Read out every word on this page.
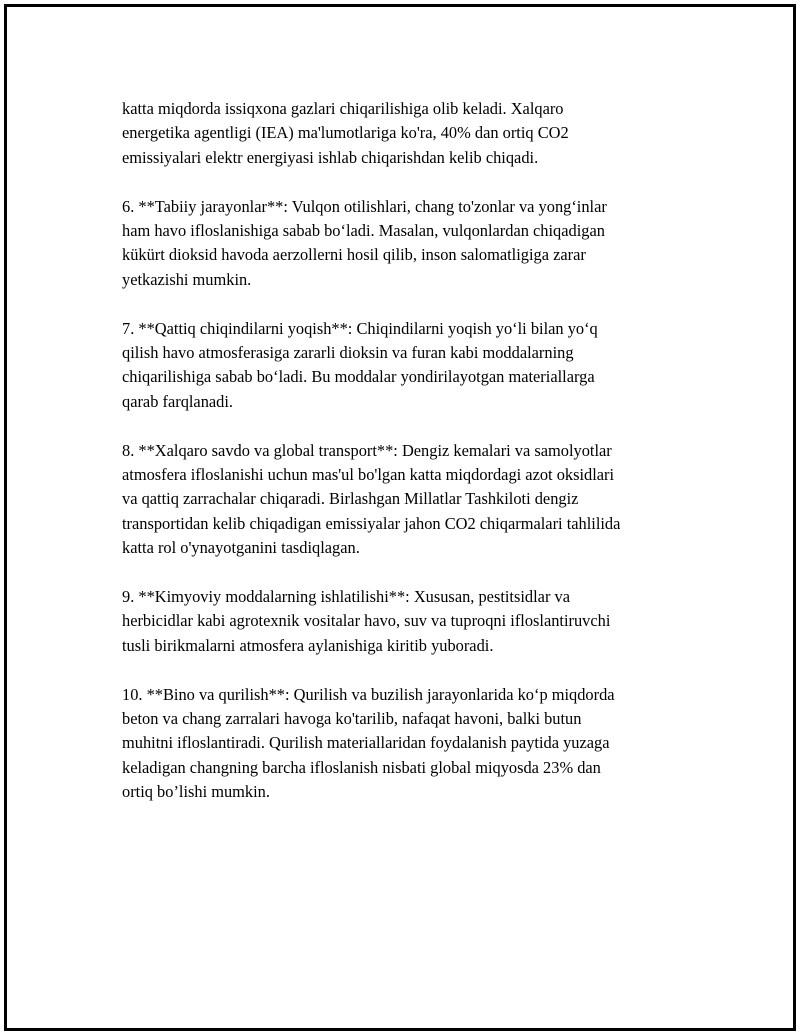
katta miqdorda issiqxona gazlari chiqarilishiga olib keladi. Xalqaro
energetika agentligi (IEA) ma'lumotlariga ko'ra, 40% dan ortiq CO2
emissiyalari elektr energiyasi ishlab chiqarishdan kelib chiqadi.

6. **Tabiiy jarayonlar**: Vulqon otilishlari, chang to'zonlar va yong‘inlar
ham havo ifloslanishiga sabab bo‘ladi. Masalan, vulqonlardan chiqadigan
kükürt dioksid havoda aerzollerni hosil qilib, inson salomatligiga zarar
yetkazishi mumkin.

7. **Qattiq chiqindilarni yoqish**: Chiqindilarni yoqish yo‘li bilan yo‘q
qilish havo atmosferasiga zararli dioksin va furan kabi moddalarning
chiqarilishiga sabab bo‘ladi. Bu moddalar yondirilayotgan materiallarga
qarab farqlanadi.

8. **Xalqaro savdo va global transport**: Dengiz kemalari va samolyotlar
atmosfera ifloslanishi uchun mas'ul bo'lgan katta miqdordagi azot oksidlari
va qattiq zarrachalar chiqaradi. Birlashgan Millatlar Tashkiloti dengiz
transportidan kelib chiqadigan emissiyalar jahon CO2 chiqarmalari tahlilida
katta rol o'ynayotganini tasdiqlagan.

9. **Kimyoviy moddalarning ishlatilishi**: Xususan, pestitsidlar va
herbicidlar kabi agrotexnik vositalar havo, suv va tuproqni ifloslantiruvchi
tusli birikmalarni atmosfera aylanishiga kiritib yuboradi.

10. **Bino va qurilish**: Qurilish va buzilish jarayonlarida ko‘p miqdorda
beton va chang zarralari havoga ko'tarilib, nafaqat havoni, balki butun
muhitni ifloslantiradi. Qurilish materiallaridan foydalanish paytida yuzaga
keladigan changning barcha ifloslanish nisbati global miqyosda 23% dan
ortiq bo’lishi mumkin.
